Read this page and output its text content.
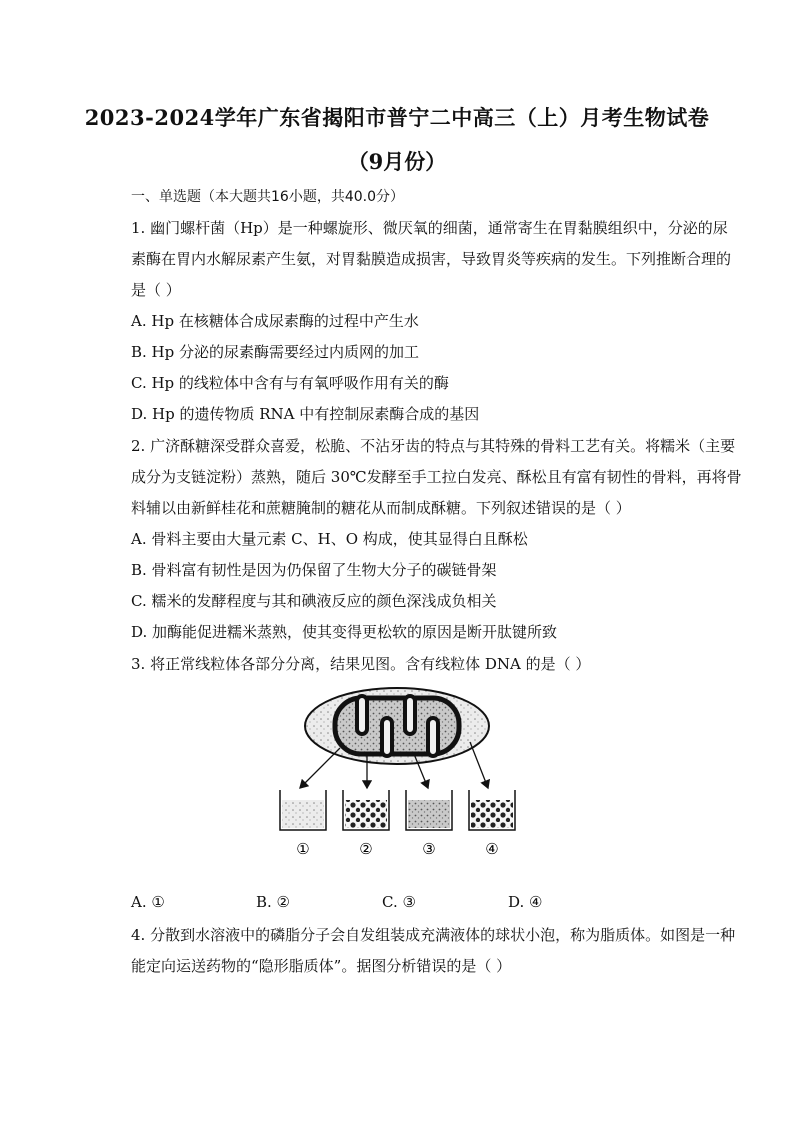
2023-2024学年广东省揭阳市普宁二中高三（上）月考生物试卷
（9月份）
一、单选题（本大题共16小题，共40.0分）
1. 幽门螺杆菌（Hp）是一种螺旋形、微厌氧的细菌，通常寄生在胃黏膜组织中，分泌的尿
素酶在胃内水解尿素产生氨，对胃黏膜造成损害，导致胃炎等疾病的发生。下列推断合理的
是（ ）
A. Hp 在核糖体合成尿素酶的过程中产生水
B. Hp 分泌的尿素酶需要经过内质网的加工
C. Hp 的线粒体中含有与有氧呼吸作用有关的酶
D. Hp 的遗传物质 RNA 中有控制尿素酶合成的基因
2. 广济酥糖深受群众喜爱，松脆、不沾牙齿的特点与其特殊的骨料工艺有关。将糯米（主要
成分为支链淀粉）蒸熟，随后 30℃发酵至手工拉白发亮、酥松且有富有韧性的骨料，再将骨
料辅以由新鲜桂花和蔗糖腌制的糖花从而制成酥糖。下列叙述错误的是（ ）
A. 骨料主要由大量元素 C、H、O 构成，使其显得白且酥松
B. 骨料富有韧性是因为仍保留了生物大分子的碳链骨架
C. 糯米的发酵程度与其和碘液反应的颜色深浅成负相关
D. 加酶能促进糯米蒸熟，使其变得更松软的原因是断开肽键所致
3. 将正常线粒体各部分分离，结果见图。含有线粒体 DNA 的是（ ）
①	②	③	④
A. ①	B. ②	C. ③	D. ④
4. 分散到水溶液中的磷脂分子会自发组装成充满液体的球状小泡，称为脂质体。如图是一种
能定向运送药物的“隐形脂质体”。据图分析错误的是（ ）
